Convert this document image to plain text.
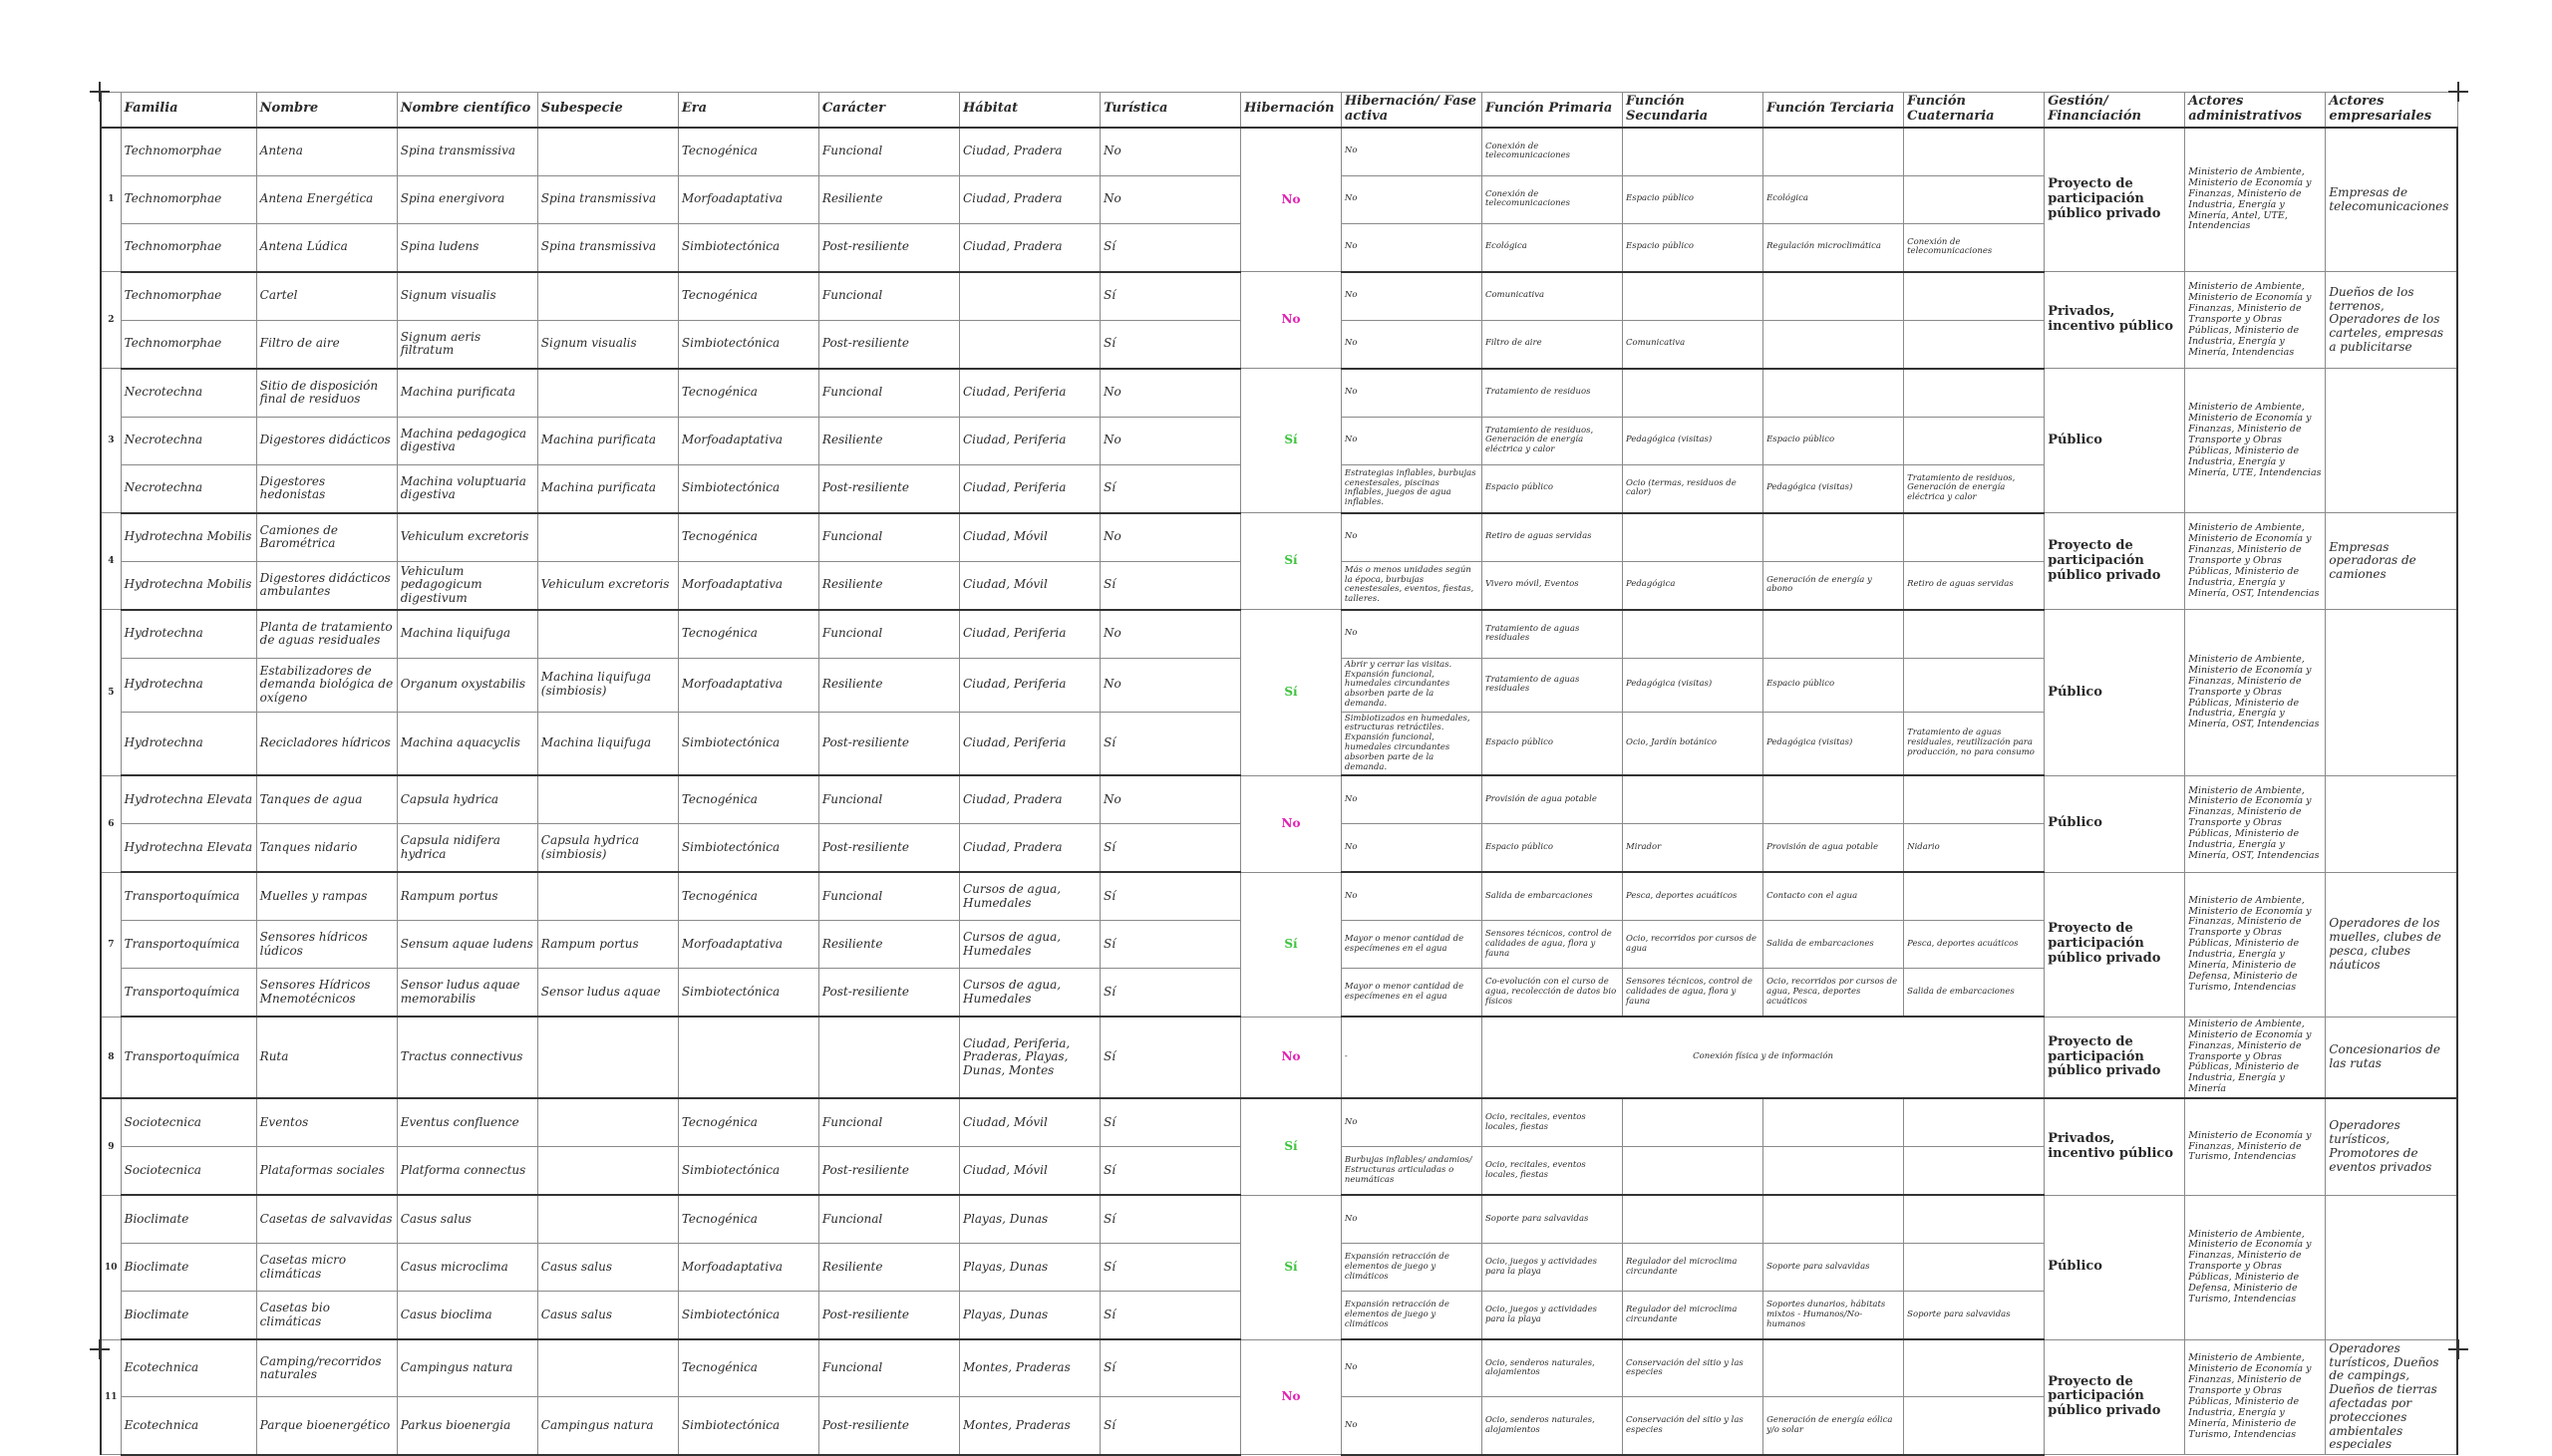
	Familia	Nombre	Nombre científico	Subespecie	Era	Carácter	Hábitat	Turística	Hibernación	Hibernación/ Fase activa	Función Primaria	Función Secundaria	Función Terciaria	Función Cuaternaria	Gestión/ Financiación	Actores administrativos	Actores empresariales
1	Technomorphae	Antena	Spina transmissiva		Tecnogénica	Funcional	Ciudad, Pradera	No	No	No	Conexión de telecomunicaciones				Proyecto de participación público privado	Ministerio de Ambiente, Ministerio de Economía y Finanzas, Ministerio de Industria, Energía y Minería, Antel, UTE, Intendencias	Empresas de telecomunicaciones
	Technomorphae	Antena Energética	Spina energivora	Spina transmissiva	Morfoadaptativa	Resiliente	Ciudad, Pradera	No		No	Conexión de telecomunicaciones	Espacio público	Ecológica				
	Technomorphae	Antena Lúdica	Spina ludens	Spina transmissiva	Simbiotectónica	Post-resiliente	Ciudad, Pradera	Sí		No	Ecológica	Espacio público	Regulación microclimática	Conexión de telecomunicaciones			
2	Technomorphae	Cartel	Signum visualis		Tecnogénica	Funcional		Sí	No	No	Comunicativa				Privados, incentivo público	Ministerio de Ambiente, Ministerio de Economía y Finanzas, Ministerio de Transporte y Obras Públicas, Ministerio de Industria, Energía y Minería, Intendencias	Dueños de los terrenos, Operadores de los carteles, empresas a publicitarse
	Technomorphae	Filtro de aire	Signum aeris filtratum	Signum visualis	Simbiotectónica	Post-resiliente		Sí		No	Filtro de aire	Comunicativa					
3	Necrotechna	Sitio de disposición final de residuos	Machina purificata		Tecnogénica	Funcional	Ciudad, Periferia	No	Sí	No	Tratamiento de residuos				Público	Ministerio de Ambiente, Ministerio de Economía y Finanzas, Ministerio de Transporte y Obras Públicas, Ministerio de Industria, Energía y Minería, UTE, Intendencias	
	Necrotechna	Digestores didácticos	Machina pedagogica digestiva	Machina purificata	Morfoadaptativa	Resiliente	Ciudad, Periferia	No		No	Tratamiento de residuos, Generación de energía eléctrica y calor	Pedagógica (visitas)	Espacio público				
	Necrotechna	Digestores hedonistas	Machina voluptuaria digestiva	Machina purificata	Simbiotectónica	Post-resiliente	Ciudad, Periferia	Sí		Estrategias inflables, burbujas cenestesales, piscinas inflables, juegos de agua inflables.	Espacio público	Ocio (termas, residuos de calor)	Pedagógica (visitas)	Tratamiento de residuos, Generación de energía eléctrica y calor			
4	Hydrotechna Mobilis	Camiones de Barométrica	Vehiculum excretoris		Tecnogénica	Funcional	Ciudad, Móvil	No	Sí	No	Retiro de aguas servidas				Proyecto de participación público privado	Ministerio de Ambiente, Ministerio de Economía y Finanzas, Ministerio de Transporte y Obras Públicas, Ministerio de Industria, Energía y Minería, OST, Intendencias	Empresas operadoras de camiones
	Hydrotechna Mobilis	Digestores didácticos ambulantes	Vehiculum pedagogicum digestivum	Vehiculum excretoris	Morfoadaptativa	Resiliente	Ciudad, Móvil	Sí		Más o menos unidades según la época, burbujas cenestesales, eventos, fiestas, talleres.	Vivero móvil, Eventos	Pedagógica	Generación de energía y abono	Retiro de aguas servidas			
5	Hydrotechna	Planta de tratamiento de aguas residuales	Machina liquifuga		Tecnogénica	Funcional	Ciudad, Periferia	No	Sí	No	Tratamiento de aguas residuales				Público	Ministerio de Ambiente, Ministerio de Economía y Finanzas, Ministerio de Transporte y Obras Públicas, Ministerio de Industria, Energía y Minería, OST, Intendencias	
	Hydrotechna	Estabilizadores de demanda biológica de oxígeno	Organum oxystabilis	Machina liquifuga (simbiosis)	Morfoadaptativa	Resiliente	Ciudad, Periferia	No		Abrir y cerrar las visitas. Expansión funcional, humedales circundantes absorben parte de la demanda.	Tratamiento de aguas residuales	Pedagógica (visitas)	Espacio público				
	Hydrotechna	Recicladores hídricos	Machina aquacyclis	Machina liquifuga	Simbiotectónica	Post-resiliente	Ciudad, Periferia	Sí		Simbiotizados en humedales, estructuras retráctiles. Expansión funcional, humedales circundantes absorben parte de la demanda.	Espacio público	Ocio, Jardín botánico	Pedagógica (visitas)	Tratamiento de aguas residuales, reutilización para producción, no para consumo			
6	Hydrotechna Elevata	Tanques de agua	Capsula hydrica		Tecnogénica	Funcional	Ciudad, Pradera	No	No	No	Provisión de agua potable				Público	Ministerio de Ambiente, Ministerio de Economía y Finanzas, Ministerio de Transporte y Obras Públicas, Ministerio de Industria, Energía y Minería, OST, Intendencias	
	Hydrotechna Elevata	Tanques nidario	Capsula nidifera hydrica	Capsula hydrica (simbiosis)	Simbiotectónica	Post-resiliente	Ciudad, Pradera	Sí		No	Espacio público	Mirador	Provisión de agua potable	Nidario			
7	Transportoquímica	Muelles y rampas	Rampum portus		Tecnogénica	Funcional	Cursos de agua, Humedales	Sí	Sí	No	Salida de embarcaciones	Pesca, deportes acuáticos	Contacto con el agua		Proyecto de participación público privado	Ministerio de Ambiente, Ministerio de Economía y Finanzas, Ministerio de Transporte y Obras Públicas, Ministerio de Industria, Energía y Minería, Ministerio de Defensa, Ministerio de Turismo, Intendencias	Operadores de los muelles, clubes de pesca, clubes náuticos
	Transportoquímica	Sensores hídricos lúdicos	Sensum aquae ludens	Rampum portus	Morfoadaptativa	Resiliente	Cursos de agua, Humedales	Sí		Mayor o menor cantidad de especímenes en el agua	Sensores técnicos, control de calidades de agua, flora y fauna	Ocio, recorridos por cursos de agua	Salida de embarcaciones	Pesca, deportes acuáticos			
	Transportoquímica	Sensores Hídricos Mnemotécnicos	Sensor ludus aquae memorabilis	Sensor ludus aquae	Simbiotectónica	Post-resiliente	Cursos de agua, Humedales	Sí		Mayor o menor cantidad de especímenes en el agua	Co-evolución con el curso de agua, recolección de datos bio físicos	Sensores técnicos, control de calidades de agua, flora y fauna	Ocio, recorridos por cursos de agua, Pesca, deportes acuáticos	Salida de embarcaciones			
8	Transportoquímica	Ruta	Tractus connectivus				Ciudad, Periferia, Praderas, Playas, Dunas, Montes	Sí	No	-	Conexión física y de información				Proyecto de participación público privado	Ministerio de Ambiente, Ministerio de Economía y Finanzas, Ministerio de Transporte y Obras Públicas, Ministerio de Industria, Energía y Minería	Concesionarios de las rutas
9	Sociotecnica	Eventos	Eventus confluence		Tecnogénica	Funcional	Ciudad, Móvil	Sí	Sí	No	Ocio, recitales, eventos locales, fiestas				Privados, incentivo público	Ministerio de Economía y Finanzas, Ministerio de Turismo, Intendencias	Operadores turísticos, Promotores de eventos privados
	Sociotecnica	Plataformas sociales	Platforma connectus		Simbiotectónica	Post-resiliente	Ciudad, Móvil	Sí		Burbujas inflables/ andamios/ Estructuras articuladas o neumáticas	Ocio, recitales, eventos locales, fiestas						
10	Bioclimate	Casetas de salvavidas	Casus salus		Tecnogénica	Funcional	Playas, Dunas	Sí	Sí	No	Soporte para salvavidas				Público	Ministerio de Ambiente, Ministerio de Economía y Finanzas, Ministerio de Transporte y Obras Públicas, Ministerio de Defensa, Ministerio de Turismo, Intendencias	
	Bioclimate	Casetas micro climáticas	Casus microclima	Casus salus	Morfoadaptativa	Resiliente	Playas, Dunas	Sí		Expansión retracción de elementos de juego y climáticos	Ocio, juegos y actividades para la playa	Regulador del microclima circundante	Soporte para salvavidas				
	Bioclimate	Casetas bio climáticas	Casus bioclima	Casus salus	Simbiotectónica	Post-resiliente	Playas, Dunas	Sí		Expansión retracción de elementos de juego y climáticos	Ocio, juegos y actividades para la playa	Regulador del microclima circundante	Soportes dunarios, hábitats mixtos - Humanos/No-humanos	Soporte para salvavidas			
11	Ecotechnica	Camping/recorridos naturales	Campingus natura		Tecnogénica	Funcional	Montes, Praderas	Sí	No	No	Ocio, senderos naturales, alojamientos	Conservación del sitio y las especies			Proyecto de participación público privado	Ministerio de Ambiente, Ministerio de Economía y Finanzas, Ministerio de Transporte y Obras Públicas, Ministerio de Industria, Energía y Minería, Ministerio de Turismo, Intendencias	Operadores turísticos, Dueños de campings, Dueños de tierras afectadas por protecciones ambientales especiales
	Ecotechnica	Parque bioenergético	Parkus bioenergia	Campingus natura	Simbiotectónica	Post-resiliente	Montes, Praderas	Sí		No	Ocio, senderos naturales, alojamientos	Conservación del sitio y las especies	Generación de energía eólica y/o solar				
